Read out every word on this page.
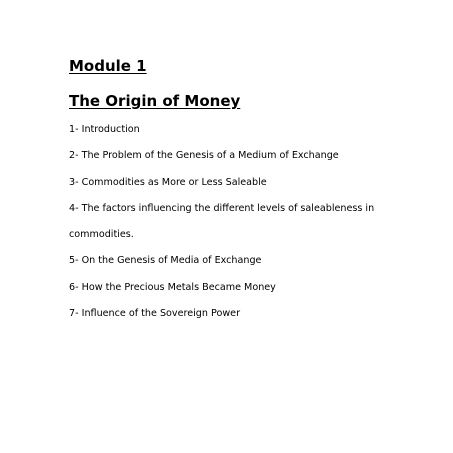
Module 1
The Origin of Money
1- Introduction
2- The Problem of the Genesis of a Medium of Exchange
3- Commodities as More or Less Saleable
4- The factors influencing the different levels of saleableness in
commodities.
5- On the Genesis of Media of Exchange
6- How the Precious Metals Became Money
7- Influence of the Sovereign Power
